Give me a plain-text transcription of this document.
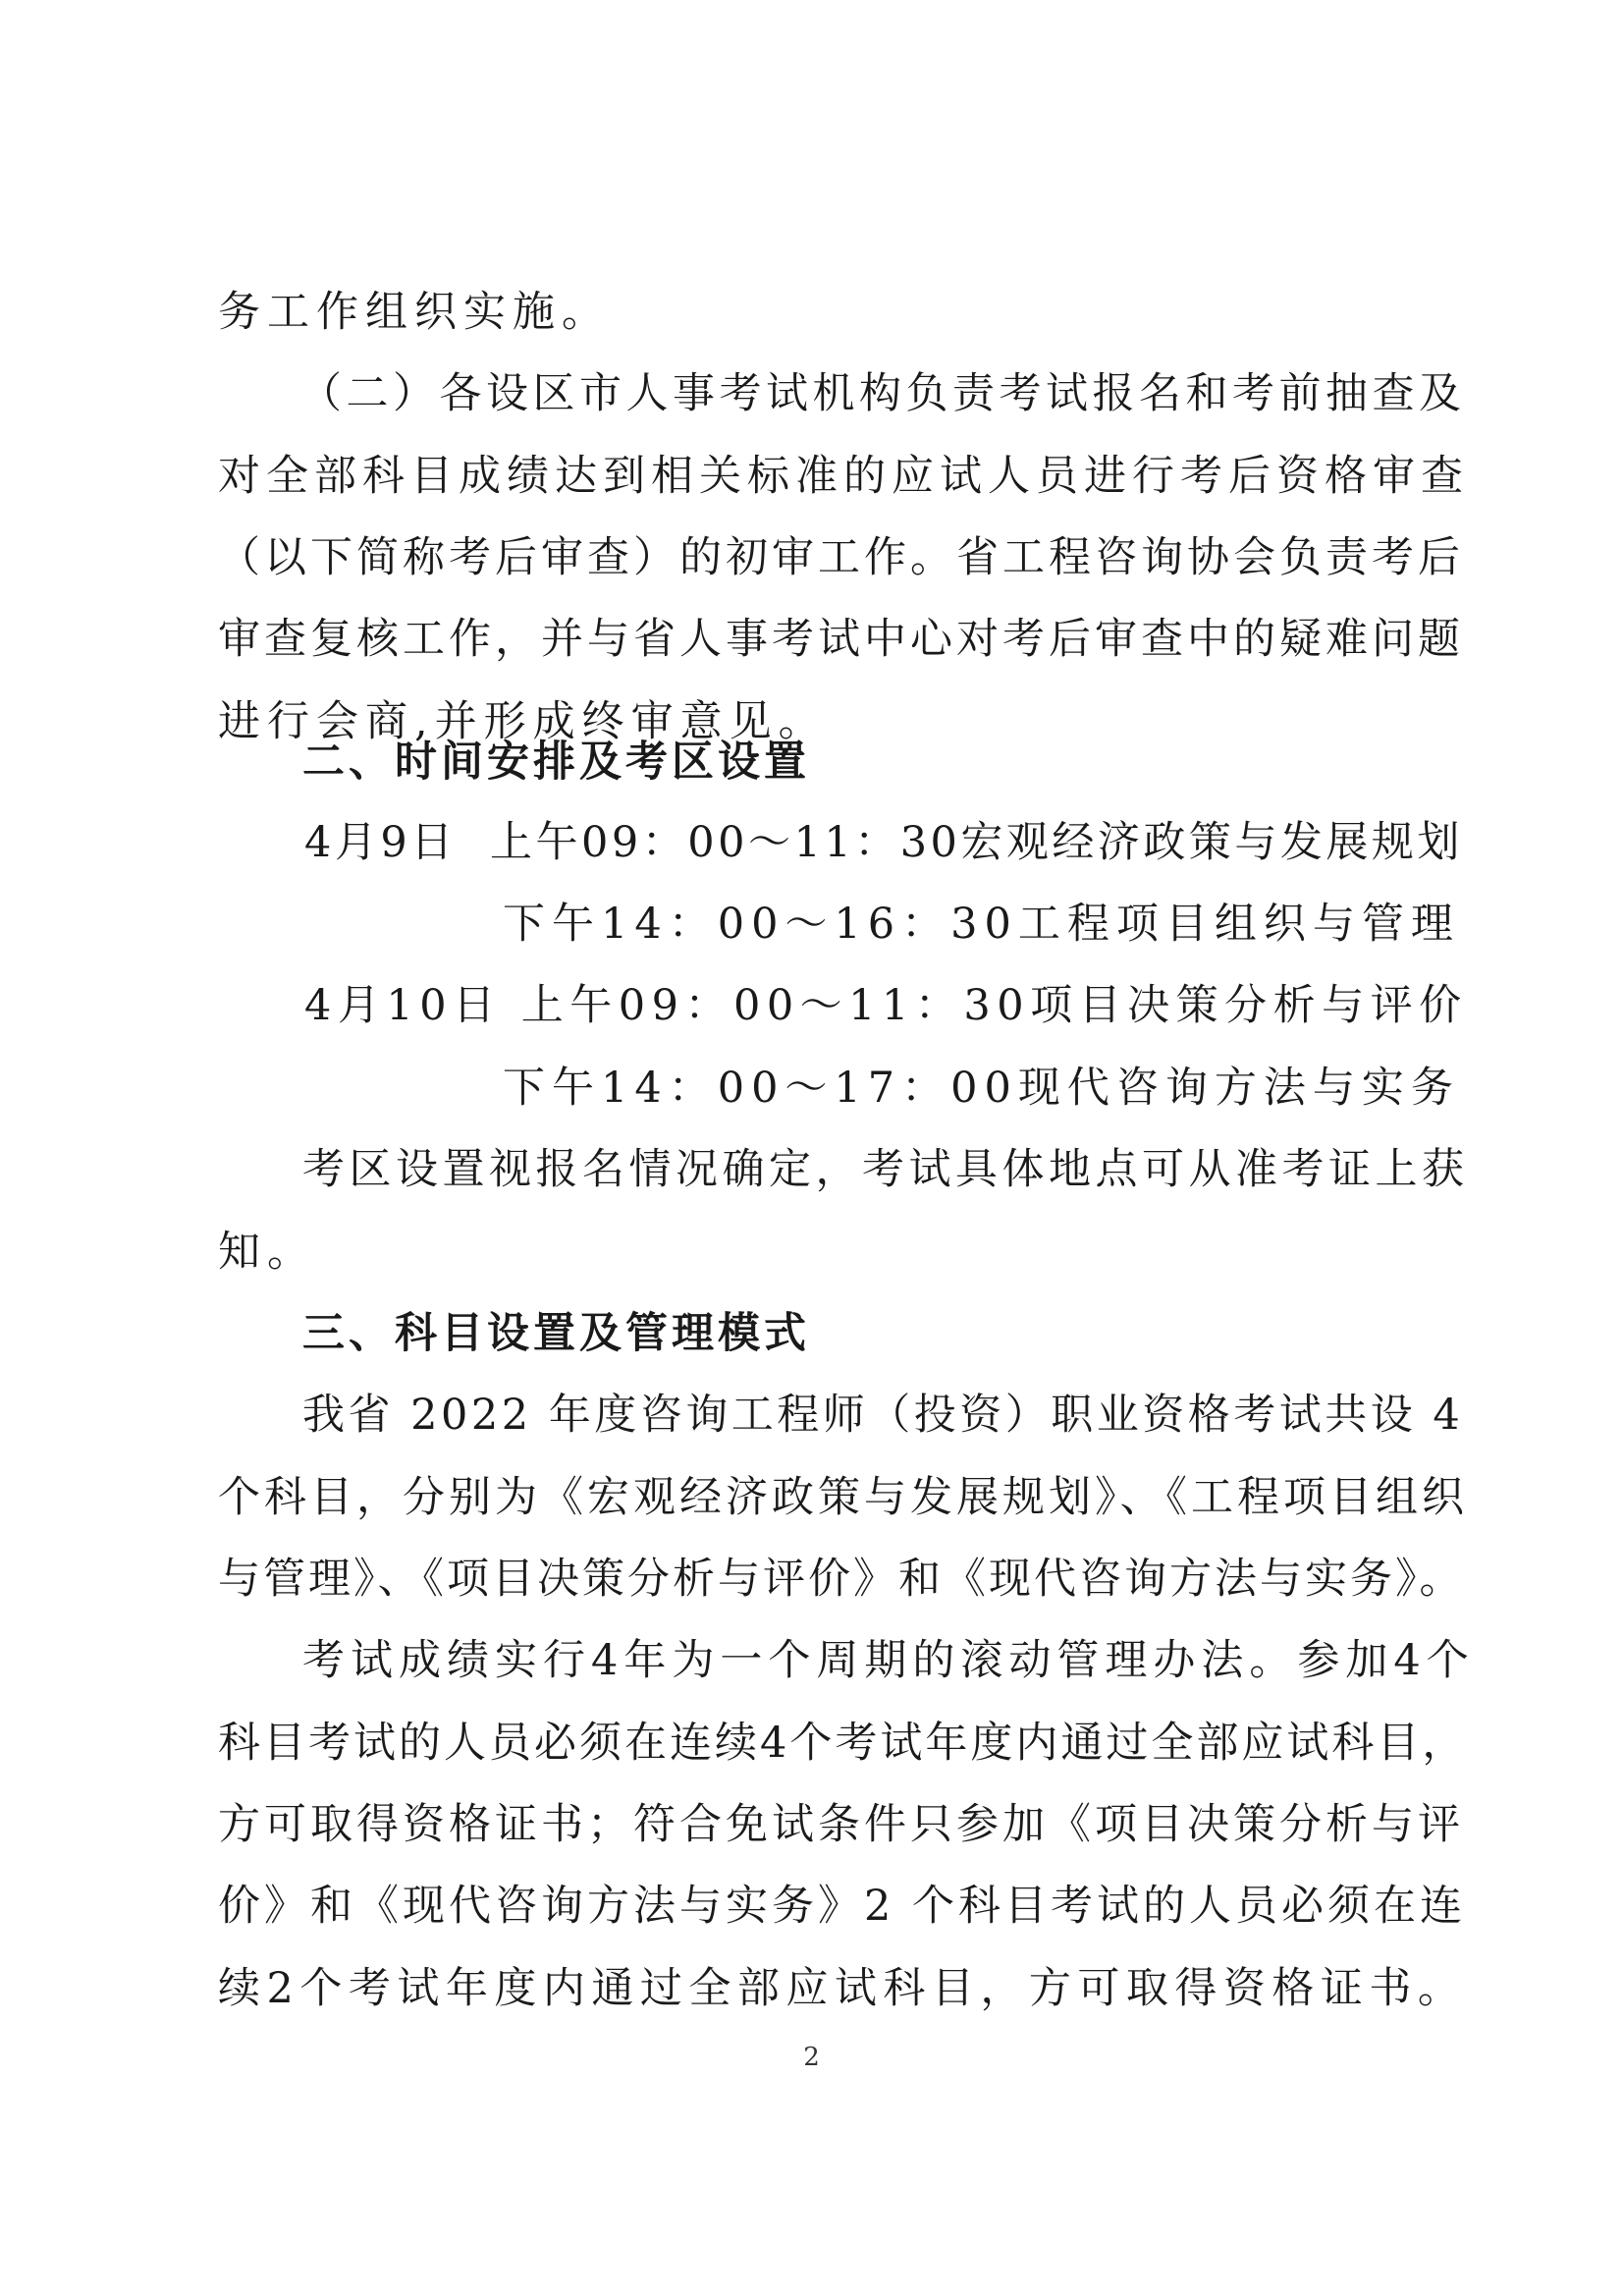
务工作组织实施。
（二）各设区市人事考试机构负责考试报名和考前抽查及
对全部科目成绩达到相关标准的应试人员进行考后资格审查
（以下简称考后审查）的初审工作。省工程咨询协会负责考后
审查复核工作，并与省人事考试中心对考后审查中的疑难问题
进行会商,并形成终审意见。
二、时间安排及考区设置
4月9日  上午09：00～11：30宏观经济政策与发展规划
下午14：00～16：30工程项目组织与管理
4月10日 上午09：00～11：30项目决策分析与评价
下午14：00～17：00现代咨询方法与实务
考区设置视报名情况确定，考试具体地点可从准考证上获
知。
三、科目设置及管理模式
我省 2022 年度咨询工程师（投资）职业资格考试共设 4
个科目，分别为《宏观经济政策与发展规划》、《工程项目组织
与管理》、《项目决策分析与评价》和《现代咨询方法与实务》。
考试成绩实行4年为一个周期的滚动管理办法。参加4个
科目考试的人员必须在连续4个考试年度内通过全部应试科目，
方可取得资格证书；符合免试条件只参加《项目决策分析与评
价》和《现代咨询方法与实务》2 个科目考试的人员必须在连
续2个考试年度内通过全部应试科目，方可取得资格证书。
2
